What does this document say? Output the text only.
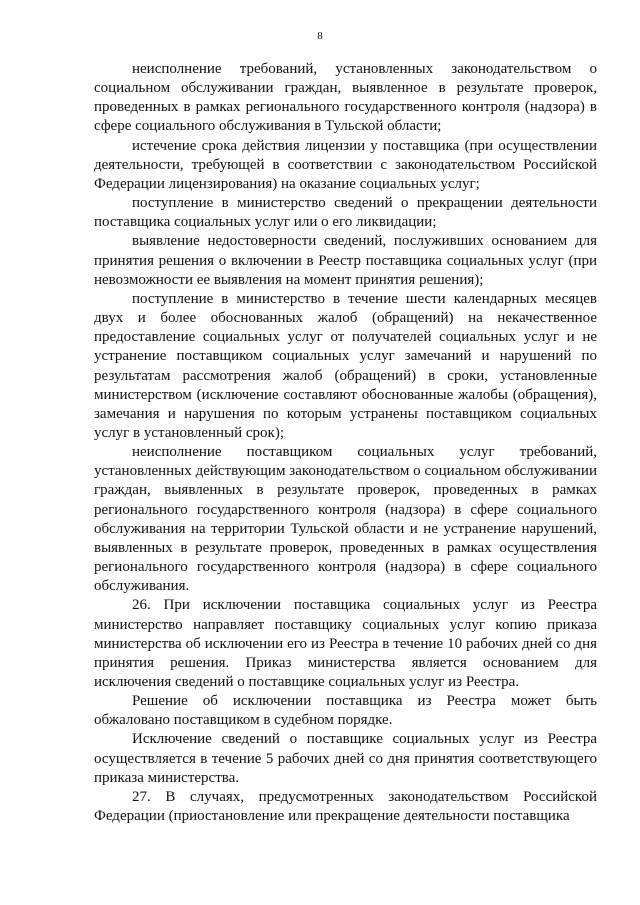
8

неисполнение требований, установленных законодательством о социальном обслуживании граждан, выявленное в результате проверок, проведенных в рамках регионального государственного контроля (надзора) в сфере социального обслуживания в Тульской области;

истечение срока действия лицензии у поставщика (при осуществлении деятельности, требующей в соответствии с законодательством Российской Федерации лицензирования) на оказание социальных услуг;

поступление в министерство сведений о прекращении деятельности поставщика социальных услуг или о его ликвидации;

выявление недостоверности сведений, послуживших основанием для принятия решения о включении в Реестр поставщика социальных услуг (при невозможности ее выявления на момент принятия решения);

поступление в министерство в течение шести календарных месяцев двух и более обоснованных жалоб (обращений) на некачественное предоставление социальных услуг от получателей социальных услуг и не устранение поставщиком социальных услуг замечаний и нарушений по результатам рассмотрения жалоб (обращений) в сроки, установленные министерством (исключение составляют обоснованные жалобы (обращения), замечания и нарушения по которым устранены поставщиком социальных услуг в установленный срок);

неисполнение поставщиком социальных услуг требований, установленных действующим законодательством о социальном обслуживании граждан, выявленных в результате проверок, проведенных в рамках регионального государственного контроля (надзора) в сфере социального обслуживания на территории Тульской области и не устранение нарушений, выявленных в результате проверок, проведенных в рамках осуществления регионального государственного контроля (надзора) в сфере социального обслуживания.

26. При исключении поставщика социальных услуг из Реестра министерство направляет поставщику социальных услуг копию приказа министерства об исключении его из Реестра в течение 10 рабочих дней со дня принятия решения. Приказ министерства является основанием для исключения сведений о поставщике социальных услуг из Реестра.

Решение об исключении поставщика из Реестра может быть обжаловано поставщиком в судебном порядке.

Исключение сведений о поставщике социальных услуг из Реестра осуществляется в течение 5 рабочих дней со дня принятия соответствующего приказа министерства.

27. В случаях, предусмотренных законодательством Российской Федерации (приостановление или прекращение деятельности поставщика
